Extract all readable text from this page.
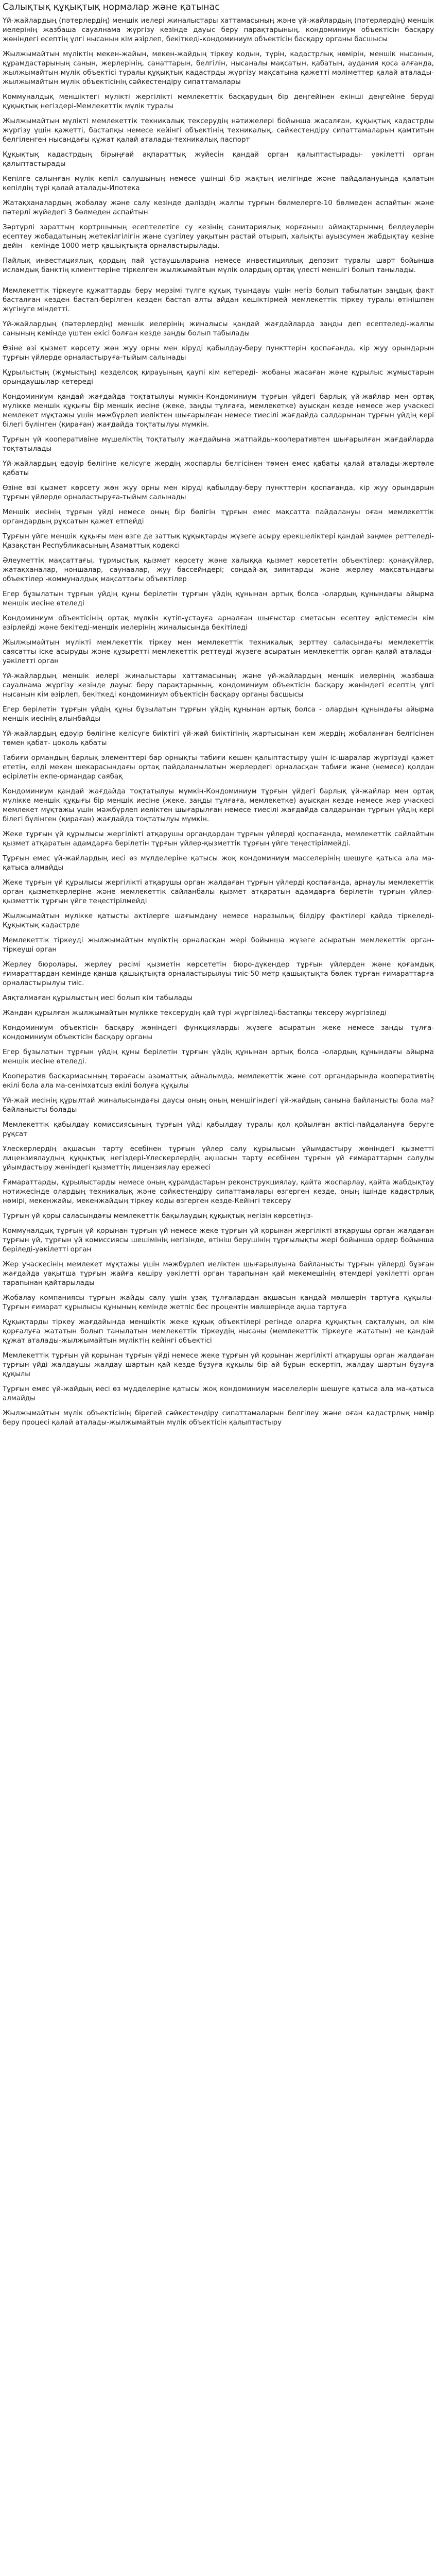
Салықтық құқықтық нормалар және қатынас

Үй-жайлардың (пәтерлердің) меншік иелері жиналыстары хаттамасының және үй-жайлардың (пәтерлердің) меншік иелерінің жазбаша сауалнама жүргізу кезінде дауыс беру парақтарының, кондоминиум объектісін басқару жөніндегі есептің үлгі нысанын кім әзірлеп, бекіткеді-кондоминиум объектісін басқару органы басшысы

Жылжымайтын мүліктің мекен-жайын, мекен-жайдың тіркеу кодын, түрін, кадастрлық нөмірін, меншік нысанын, құрамдастарының санын, жерлерінің, санаттарын, белгілін, нысаналы мақсатын, қабатын, аудания қоса алғанда, жылжымайтын мүлік объектісі туралы құқықтық кадастрды жүргізу мақсатына қажетті мәліметтер қалай аталады-жылжымайтын мүлік объектісінің сәйкестендіру сипаттамалары

Коммуналдық меншіктегі мүлікті жергілікті мемлекеттік басқарудың бір деңгейінен екінші деңгейіне беруді құқықтық негіздері-Мемлекеттік мүлік туралы

Жылжымайтын мүлікті мемлекеттік техникалық тексерудің нәтижелері бойынша жасалған, құқықтық кадастрды жүргізу үшін қажетті, бастапқы немесе кейінгі объектінің техникалық, сәйкестендіру сипаттамаларын қамтитын белгіленген нысандағы құжат қалай аталады-техникалық паспорт

Құқықтық кадастрдың бірыңғай ақпараттық жүйесін қандай орган қалыптастырады- уәкілетті орган қалыптастырады

Кепілге салынған мүлік кепіл салушының немесе ушінші бір жақтың иелігінде және пайдалануында қалатын кепілдің түрі қалай аталады-Ипотека

Жатақханалардың жобалау және салу кезінде дәліздің жалпы тұрғын бөлмелерге-10 бөлмеден аспайтын және пәтерлі жүйедегі 3 бөлмеден аспайтын

Зәртүрлі зараттың кортршының есептелетіге су кезінің санитариялық корғаныш аймақтарының белдеулерін есептеу жобадатының жетекілгілігін және сүзгілеу уақытын растай отырып, халықты ауызсумен жабдықтау кезіне дейін – кемінде 1000 метр қашықтықта орналастырылады.

Пайлық инвестициялық қордың пай ұстаушыларына немесе инвестициялық депозит туралы шарт бойынша исламдық банктің клиенттеріне тіркелген жылжымайтын мүлік олардың ортақ үлесті меншігі болып танылады.

Мемлекеттік тіркеуге құжаттарды беру мерзімі түлге құқық туындауы үшін негіз болып табылатын заңдық факт басталған кезден бастап-берілген кезден бастап алты айдан кешіктірмей мемлекеттік тіркеу туралы өтінішпен жүгінуге міндетті.

Үй-жайлардың (пәтерлердің) меншік иелерінің жиналысы қандай жағдайларда заңды деп есептеледі-жалпы санының кемінде үштен екісі болған кезде заңды болып табылады

Өзіне өзі қызмет көрсету жөн жуу орны мен кіруді қабылдау-беру пункттерін қоспағанда, кір жуу орындарын тұрғын үйлерде орналастыруға-тыйым салынады

Құрылыстың (жұмыстың) кезделсоқ қирауының қаупі кім кетереді- жобаны жасаған және құрылыс жұмыстарын орындаушылар кетереді

Кондоминиум қандай жағдайда тоқтатылуы мүмкін-Кондоминиум тұрғын үйдегі барлық үй-жайлар мен ортақ мүлікке меншік құқығы бір меншік иесіне (жеке, заңды тұлғаға, мемлекетке) ауысқан кезде немесе жер учаскесі мемлекет мұқтажы үшін мәжбүрлеп иеліктен шығарылған немесе тиесілі жағдайда салдарынан тұрғын үйдің кері білегі бүлінген (қираған) жағдайда тоқтатылуы мүмкін.

Тұрғын үй кооперативіне мүшеліктің тоқтатылу жағдайына жатпайды-кооперативтен шығарылған жағдайларда тоқтатылады

Үй-жайлардың едәуір бөлігіне келісуге жердің жоспарлы белгісінен төмен емес қабаты қалай аталады-жертөле қабаты

Өзіне өзі қызмет көрсету жөн жуу орны мен кіруді қабылдау-беру пункттерін қоспағанда, кір жуу орындарын тұрғын үйлерде орналастыруға-тыйым салынады

Меншік иесінің тұрғын үйді немесе оның бір бөлігін тұрғын емес мақсатта пайдалануы оған мемлекеттік органдардың рұқсатын қажет етпейді

Тұрғын үйге меншік құқығы мен өзге де заттық құқықтарды жүзеге асыру ерекшеліктері қандай заңмен реттеледі-Қазақстан Республикасының Азаматтық кодексі

Әлеуметтік мақсаттағы, тұрмыстық қызмет көрсету және халыққа қызмет көрсететін объектілер: қонақүйлер, жатақханалар, ноншалар, саунаалар, жуу бассейндері; сондай-ақ зиянтарды және жерлеу мақсатындағы объектілер -коммуналдық мақсаттағы объектілер

Егер бұзылатын тұрғын үйдің құны берілетін тұрғын үйдің құнынан артық болса -олардың құнындағы айырма меншік иесіне өтеледі

Кондоминиум объектісінің ортақ мүлкін күтіп-ұстауға арналған шығыстар сметасын есептеу әдістемесін кім әзірлейді және бекітеді-меншік иелерінің жиналысында бекітіледі

Жылжымайтын мүлікті мемлекеттік тіркеу мен мемлекеттік техникалық зерттеу саласындағы мемлекеттік саясатты іске асыруды және құзыретті мемлекеттік реттеуді жүзеге асыратын мемлекеттік орган қалай аталады-уәкілетті орган

Үй-жайлардың меншік иелері жиналыстары хаттамасының және үй-жайлардың меншік иелерінің жазбаша сауалнама жүргізу кезінде дауыс беру парақтарының, кондоминиум объектісін басқару жөніндегі есептің үлгі нысанын кім әзірлеп, бекіткеді кондоминиум объектісін басқару органы басшысы

Егер берілетін тұрғын үйдің құны бұзылатын тұрғын үйдің құнынан артық болса - олардың құнындағы айырма меншік иесінің алынбайды

Үй-жайлардың едәуір бөлігіне келісуге биіктігі үй-жай биіктігінің жартысынан кем жердің жобаланған белгісінен төмен қабат- цоколь қабаты

Табиғи ормандың барлық элементтері бар орнықты табиғи кешен қалыптастыру үшін іс-шаралар жүргізуді қажет ететін, елді мекен шекарасындағы ортақ пайдаланылатын жерлердегі орналасқан табиғи және (немесе) қолдан өсірілетін екпе-ормандар саябақ

Кондоминиум қандай жағдайда тоқтатылуы мүмкін-Кондоминиум тұрғын үйдегі барлық үй-жайлар мен ортақ мүлікке меншік құқығы бір меншік иесіне (жеке, заңды тұлғаға, мемлекетке) ауысқан кезде немесе жер учаскесі мемлекет мұқтажы үшін мәжбүрлеп иеліктен шығарылған немесе тиесілі жағдайда салдарынан тұрғын үйдің кері білегі бүлінген (қираған) жағдайда тоқтатылуы мүмкін.

Жеке тұрғын үй құрылысы жергілікті атқарушы органдардан тұрғын үйлерді қоспағанда, мемлекеттік сайлайтын қызмет атқаратын адамдарға берілетін тұрғын үйлер-қызметтік тұрғын үйге теңестірілмейді.

Тұрғын емес үй-жайлардың иесі өз мүлделеріне қатысы жоқ кондоминиум масселерінің шешуге қатыса ала ма-қатыса алмайды

Жеке тұрғын үй құрылысы жергілікті атқарушы орган жалдаған тұрғын үйлерді қоспағанда, арнаулы мемлекеттік орган қызметкерлеріне және мемлекеттік сайланбалы қызмет атқаратын адамдарға берілетін тұрғын үйлер-қызметтік тұрғын үйге теңестірілмейді

Жылжымайтын мүлікке қатысты актілерге шағымдану немесе наразылық білдіру фактілері қайда тіркеледі-Құқықтық кадастрде

Мемлекеттік тіркеуді жылжымайтын мүліктің орналасқан жері бойынша жүзеге асыратын мемлекеттік орган-тіркеуші орган

Жерлеу бюролары, жерлеу рәсімі қызметін көрсететін бюро-дүкендер тұрғын үйлерден және қоғамдық ғимараттардан кемінде қанша қашықтықта орналастырылуы тиіс-50 метр қашықтықта бөлек тұрған ғимараттарға орналастырылуы тиіс.

Аяқталмаған құрылыстың иесі болып кім табылады

Жандан құрылған жылжымайтын мүлікке тексерудің қай түрі жүргізіледі-бастапқы тексеру жүргізіледі

Кондоминиум объектісін басқару жөніндегі функцияларды жүзеге асыратын жеке немесе заңды тұлға-кондоминиум объектісін басқару органы

Егер бұзылатын тұрғын үйдің құны берілетін тұрғын үйдің құнынан артық болса -олардың құнындағы айырма меншік иесіне өтеледі.

Кооператив басқармасының төрағасы азаматтық айналымда, мемлекеттік және сот органдарында кооперативтің өкілі бола ала ма-сенімхатсыз өкілі болуға құқылы

Үй-жай иесінің құрылтай жиналысындағы даусы оның оның меншігіндегі үй-жайдың санына байланысты бола ма? байланысты болады

Мемлекеттік қабылдау комиссиясының тұрғын үйді қабылдау туралы қол қойылған актісі-пайдалануға беруге рұқсат

Ұлескерлердің ақшасын тарту есебінен тұрғын үйлер салу құрылысын ұйымдастыру жөніндегі қызметті лицензиялаудың құқықтық негіздері-Ұлескерлердің ақшасын тарту есебінен тұрғын үй ғимараттарын салуды ұйымдастыру жөніндегі қызметтің лицензиялау ережесі

Ғимараттарды, құрылыстарды немесе оның құрамдастарын реконструкциялау, қайта жоспарлау, қайта жабдықтау нәтижесінде олардың техникалық және сәйкестендіру сипаттамалары өзгерген кезде, оның ішінде кадастрлық нөмірі, мекенжайы, мекенжайдың тіркеу коды өзгерген кезде-Кейінгі тексеру

Тұрғын үй қоры саласындағы мемлекеттік бақылаудың құқықтық негізін көрсетіңіз-

Коммуналдық тұрғын үй қорынан тұрғын үй немесе жеке тұрғын үй қорынан жергілікті атқарушы орган жалдаған тұрғын үй, тұрғын үй комиссиясы шешімінің негізінде, өтініш берушінің тұрғылықты жері бойынша ордер бойынша беріледі-уәкілетті орган

Жер учаскесінің мемлекет мұқтажы үшін мәжбүрлеп иеліктен шығарылуына байланысты тұрғын үйлерді бұзған жағдайда уақытша тұрғын жайға көшіру уәкілетті орган тарапынан қай мекемешінің өтемдері уәкілетті орган тарапынан қайтарылады

Жобалау компаниясы тұрғын жайды салу үшін ұзақ тұлғалардан ақшасын қандай мөлшерін тартуға құқылы-Тұрғын ғимарат құрылысы құнының кемінде жетпіс бес процентін мөлшерінде ақша тартуға

Құқықтарды тіркеу жағдайында меншіктік жеке құқық объектілері регінде оларға құқықтың сақталуын, ол кім қорғалуға жататын болып танылатын мемлекеттік тіркеудің нысаны (мемлекеттік тіркеуге жататын) не қандай құжат аталады-жылжымайтын мүліктің кейінгі объектісі

Мемлекеттік тұрғын үй қорынан тұрғын үйді немесе жеке тұрғын үй қорынан жергілікті атқарушы орган жалдаған тұрғын үйді жалдаушы жалдау шартын қай кезде бұзуға құқылы бір ай бұрын ескертіп, жалдау шартын бұзуға құқылы

Тұрғын емес үй-жайдың иесі өз мүдделеріне қатысы жоқ кондоминиум мәселелерін шешуге қатыса ала ма-қатыса алмайды

Жылжымайтын мүлік объектісінің бірегей сәйкестендіру сипаттамаларын белгілеу және оған кадастрлық нөмір беру процесі қалай аталады-жылжымайтын мүлік объектісін қалыптастыру
